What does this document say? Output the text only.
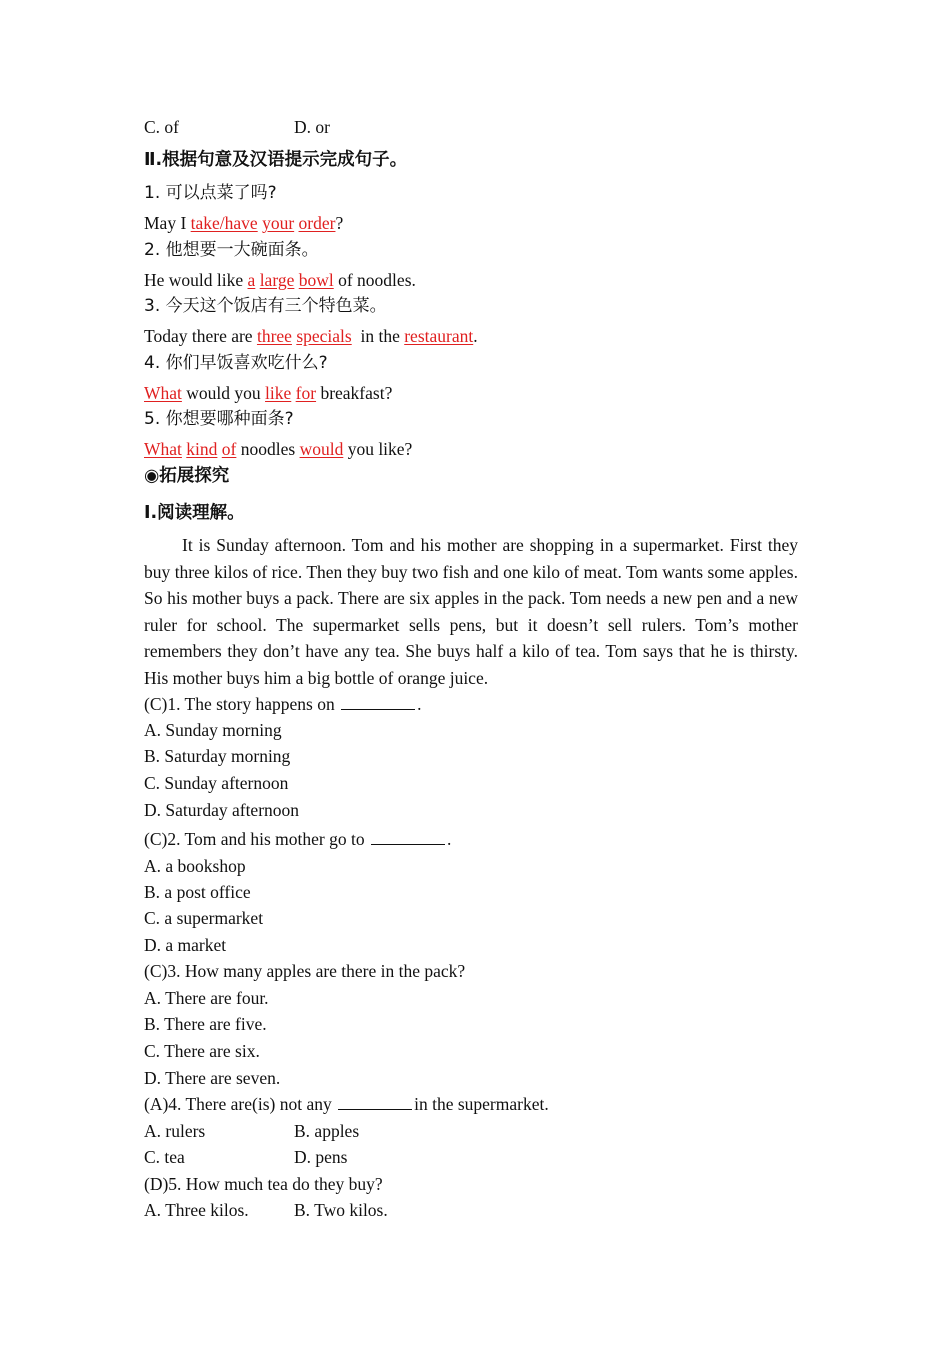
C. of	D. or
Ⅱ.根据句意及汉语提示完成句子。
1. 可以点菜了吗?
May I take/have your order?
2. 他想要一大碗面条。
He would like a large bowl of noodles.
3. 今天这个饭店有三个特色菜。
Today there are three specials  in the restaurant.
4. 你们早饭喜欢吃什么?
What would you like for breakfast?
5. 你想要哪种面条?
What kind of noodles would you like?
◉拓展探究
Ⅰ.阅读理解。
It is Sunday afternoon. Tom and his mother are shopping in a supermarket. First they buy three kilos of rice. Then they buy two fish and one kilo of meat. Tom wants some apples. So his mother buys a pack. There are six apples in the pack. Tom needs a new pen and a new ruler for school. The supermarket sells pens, but it doesn’t sell rulers. Tom’s mother remembers they don’t have any tea. She buys half a kilo of tea. Tom says that he is thirsty. His mother buys him a big bottle of orange juice.
(C)1. The story happens on	.
A. Sunday morning
B. Saturday morning
C. Sunday afternoon
D. Saturday afternoon
(C)2. Tom and his mother go to	.
A. a bookshop
B. a post office
C. a supermarket
D. a market
(C)3. How many apples are there in the pack?
A. There are four.
B. There are five.
C. There are six.
D. There are seven.
(A)4. There are(is) not any	in the supermarket.
A. rulers	B. apples
C. tea	D. pens
(D)5. How much tea do they buy?
A. Three kilos.	B. Two kilos.
